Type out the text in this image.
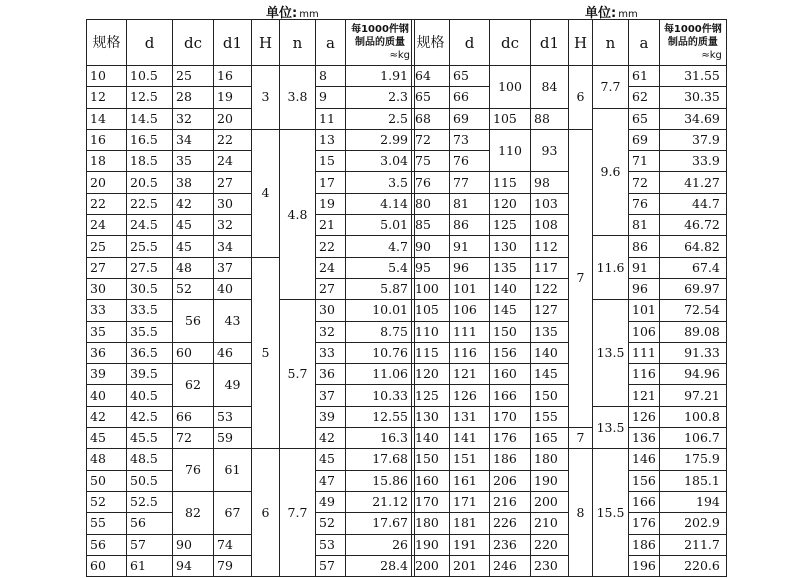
单位: mm	单位: mm
规格	d	dc	d1	H	n	a	每1000件钢
制品的质量
≈kg

10	10.5	25	16	3	3.8	8	1.91
12	12.5	28	19			9	2.3
14	14.5	32	20			11	2.5
16	16.5	34	22	4	4.8	13	2.99
18	18.5	35	24			15	3.04
20	20.5	38	27			17	3.5
22	22.5	42	30			19	4.14
24	24.5	45	32			21	5.01
25	25.5	45	34			22	4.7
27	27.5	48	37	5		24	5.4
30	30.5	52	40			27	5.87
33	33.5	56	43		5.7	30	10.01
35	35.5					32	8.75
36	36.5	60	46			33	10.76
39	39.5	62	49			36	11.06
40	40.5					37	10.33
42	42.5	66	53			39	12.55
45	45.5	72	59			42	16.3
48	48.5	76	61	6	7.7	45	17.68
50	50.5					47	15.86
52	52.5	82	67			49	21.12
55	56					52	17.67
56	57	90	74			53	26
60	61	94	79			57	28.4
规格	d	dc	d1	H	n	a	每1000件钢
制品的质量
≈kg

64	65	100	84	6	7.7	61	31.55
65	66					62	30.35
68	69	105	88		9.6	65	34.69
72	73	110	93	7		69	37.9
75	76					71	33.9
76	77	115	98			72	41.27
80	81	120	103			76	44.7
85	86	125	108			81	46.72
90	91	130	112		11.6	86	64.82
95	96	135	117			91	67.4
100	101	140	122			96	69.97
105	106	145	127		13.5	101	72.54
110	111	150	135			106	89.08
115	116	156	140			111	91.33
120	121	160	145			116	94.96
125	126	166	150			121	97.21
130	131	170	155		13.5	126	100.8
140	141	176	165	7		136	106.7
150	151	186	180	8	15.5	146	175.9
160	161	206	190			156	185.1
170	171	216	200			166	194
180	181	226	210			176	202.9
190	191	236	220			186	211.7
200	201	246	230			196	220.6
